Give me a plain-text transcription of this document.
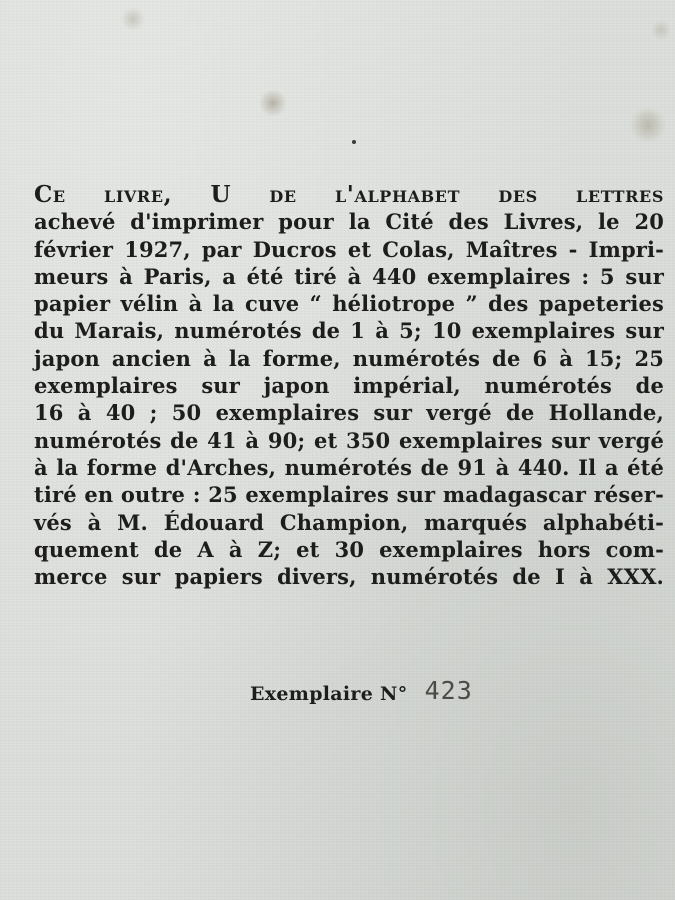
Ce livre, U de l'alphabet des lettres
achevé d'imprimer pour la Cité des Livres, le 20
février 1927, par Ducros et Colas, Maîtres - Impri-
meurs à Paris, a été tiré à 440 exemplaires : 5 sur
papier vélin à la cuve “ héliotrope ” des papeteries
du Marais, numérotés de 1 à 5; 10 exemplaires sur
japon ancien à la forme, numérotés de 6 à 15; 25
exemplaires sur japon impérial, numérotés de
16 à 40 ; 50 exemplaires sur vergé de Hollande,
numérotés de 41 à 90; et 350 exemplaires sur vergé
à la forme d'Arches, numérotés de 91 à 440. Il a été
tiré en outre : 25 exemplaires sur madagascar réser-
vés à M. Édouard Champion, marqués alphabéti-
quement de A à Z; et 30 exemplaires hors com-
merce sur papiers divers, numérotés de I à XXX.

Exemplaire N° 423
